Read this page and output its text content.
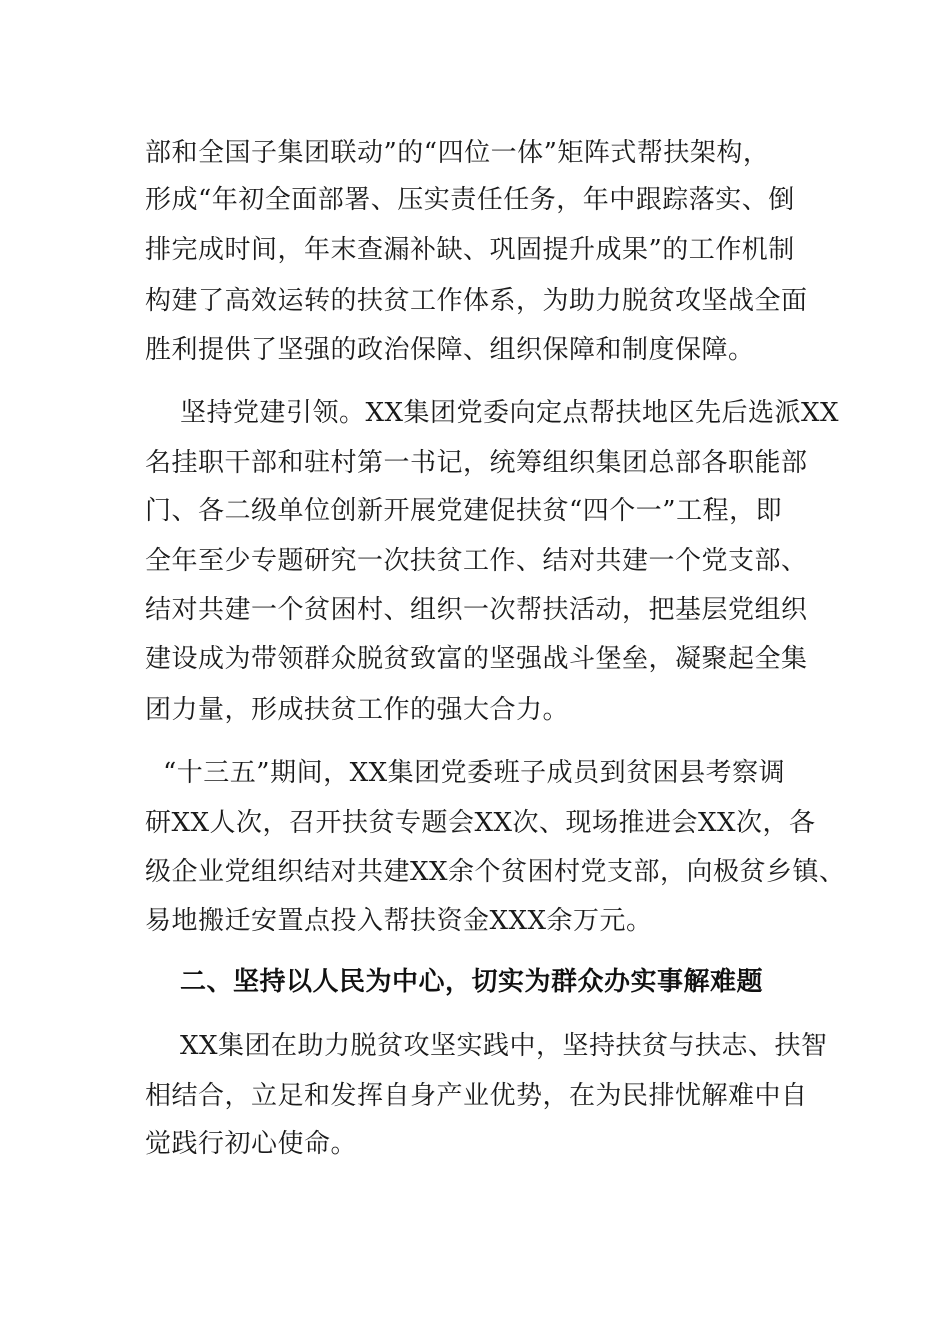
部和全国子集团联动”的“四位一体”矩阵式帮扶架构，
形成“年初全面部署、压实责任任务，年中跟踪落实、倒
排完成时间，年末查漏补缺、巩固提升成果”的工作机制
构建了高效运转的扶贫工作体系，为助力脱贫攻坚战全面
胜利提供了坚强的政治保障、组织保障和制度保障。
坚持党建引领。XX集团党委向定点帮扶地区先后选派XX
名挂职干部和驻村第一书记，统筹组织集团总部各职能部
门、各二级单位创新开展党建促扶贫“四个一”工程，即
全年至少专题研究一次扶贫工作、结对共建一个党支部、
结对共建一个贫困村、组织一次帮扶活动，把基层党组织
建设成为带领群众脱贫致富的坚强战斗堡垒，凝聚起全集
团力量，形成扶贫工作的强大合力。
“十三五”期间，XX集团党委班子成员到贫困县考察调
研XX人次，召开扶贫专题会XX次、现场推进会XX次，各
级企业党组织结对共建XX余个贫困村党支部，向极贫乡镇、
易地搬迁安置点投入帮扶资金XXX余万元。
二、坚持以人民为中心，切实为群众办实事解难题
XX集团在助力脱贫攻坚实践中，坚持扶贫与扶志、扶智
相结合，立足和发挥自身产业优势，在为民排忧解难中自
觉践行初心使命。
